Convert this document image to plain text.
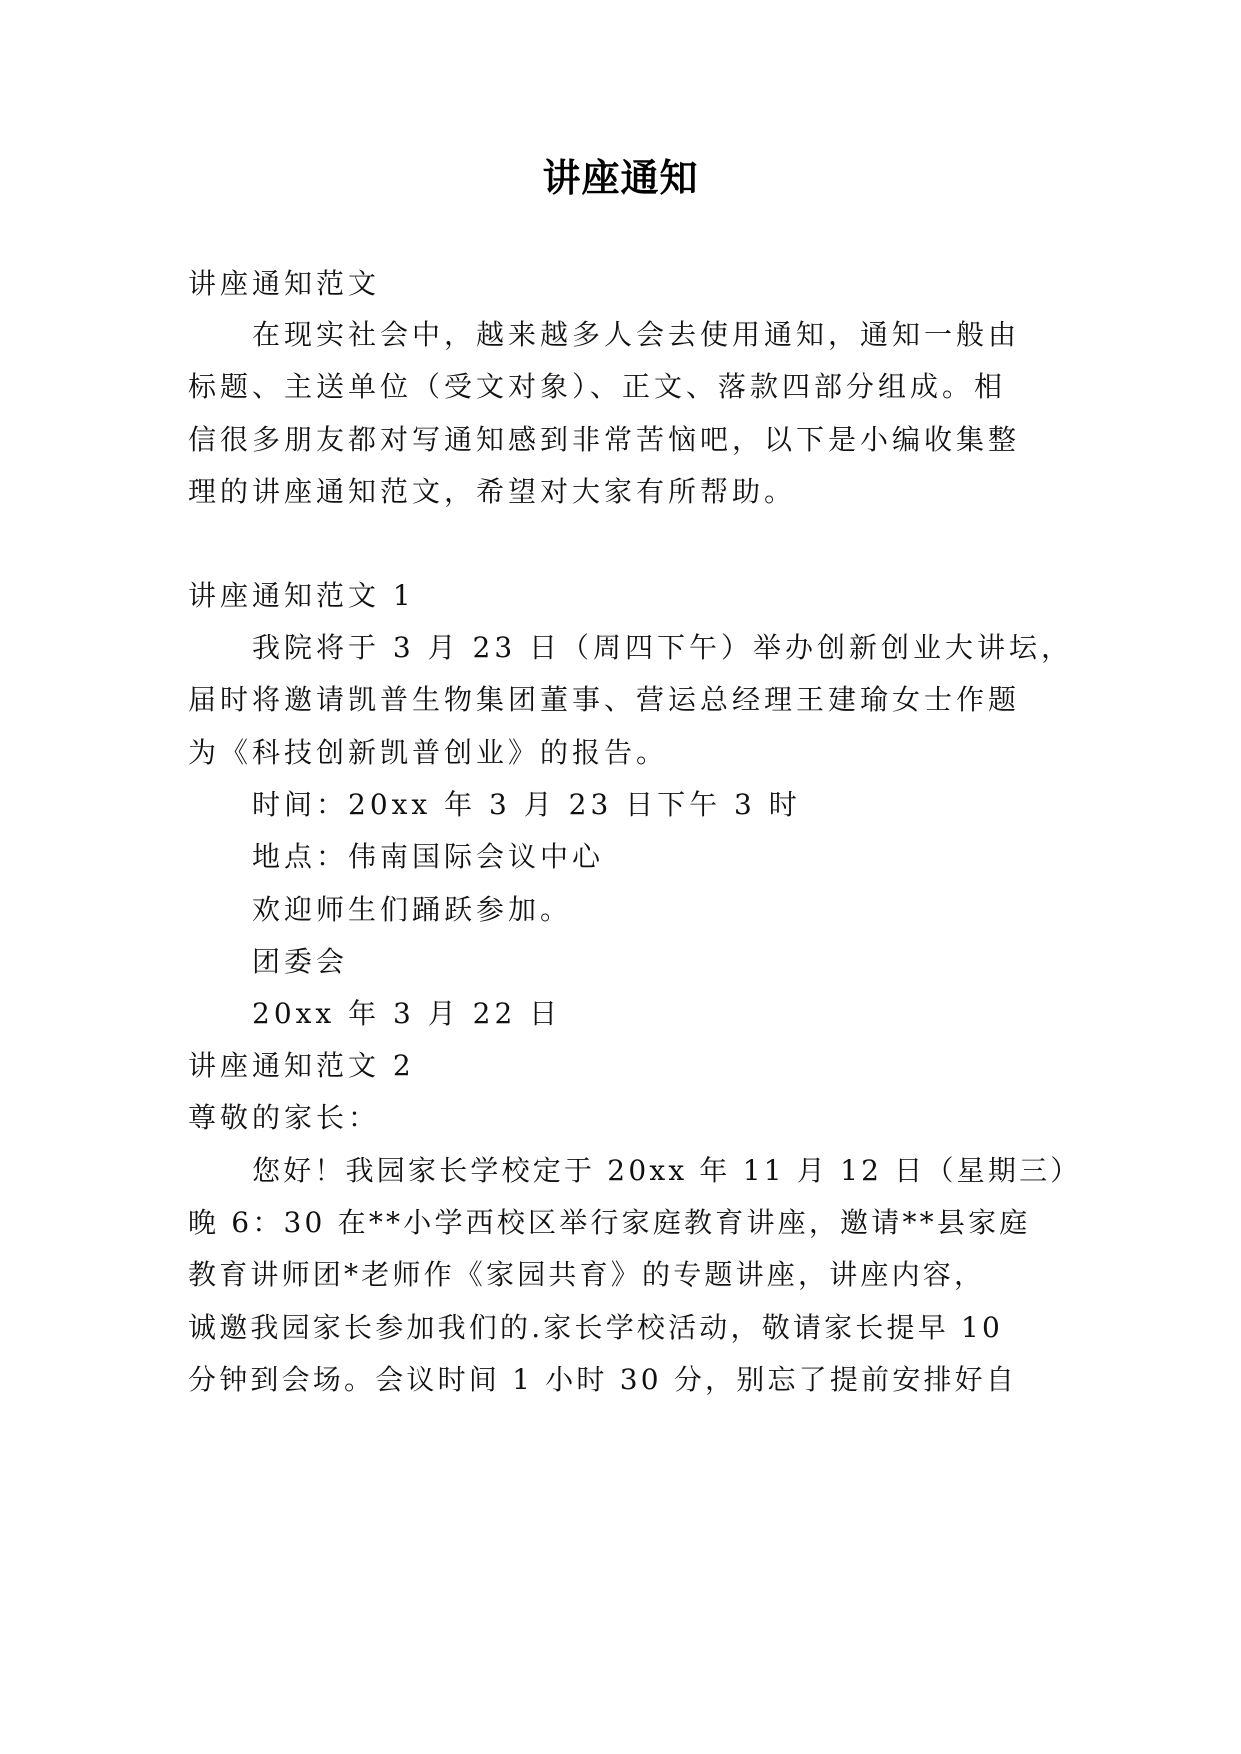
讲座通知
讲座通知范文
在现实社会中，越来越多人会去使用通知，通知一般由
标题、主送单位（受文对象）、正文、落款四部分组成。相
信很多朋友都对写通知感到非常苦恼吧，以下是小编收集整
理的讲座通知范文，希望对大家有所帮助。
讲座通知范文 1
我院将于 3 月 23 日（周四下午）举办创新创业大讲坛，
届时将邀请凯普生物集团董事、营运总经理王建瑜女士作题
为《科技创新凯普创业》的报告。
时间：20xx 年 3 月 23 日下午 3 时
地点：伟南国际会议中心
欢迎师生们踊跃参加。
团委会
20xx 年 3 月 22 日
讲座通知范文 2
尊敬的家长：
您好！我园家长学校定于 20xx 年 11 月 12 日（星期三）
晚 6：30 在**小学西校区举行家庭教育讲座，邀请**县家庭
教育讲师团*老师作《家园共育》的专题讲座，讲座内容，
诚邀我园家长参加我们的.家长学校活动，敬请家长提早 10
分钟到会场。会议时间 1 小时 30 分，别忘了提前安排好自
